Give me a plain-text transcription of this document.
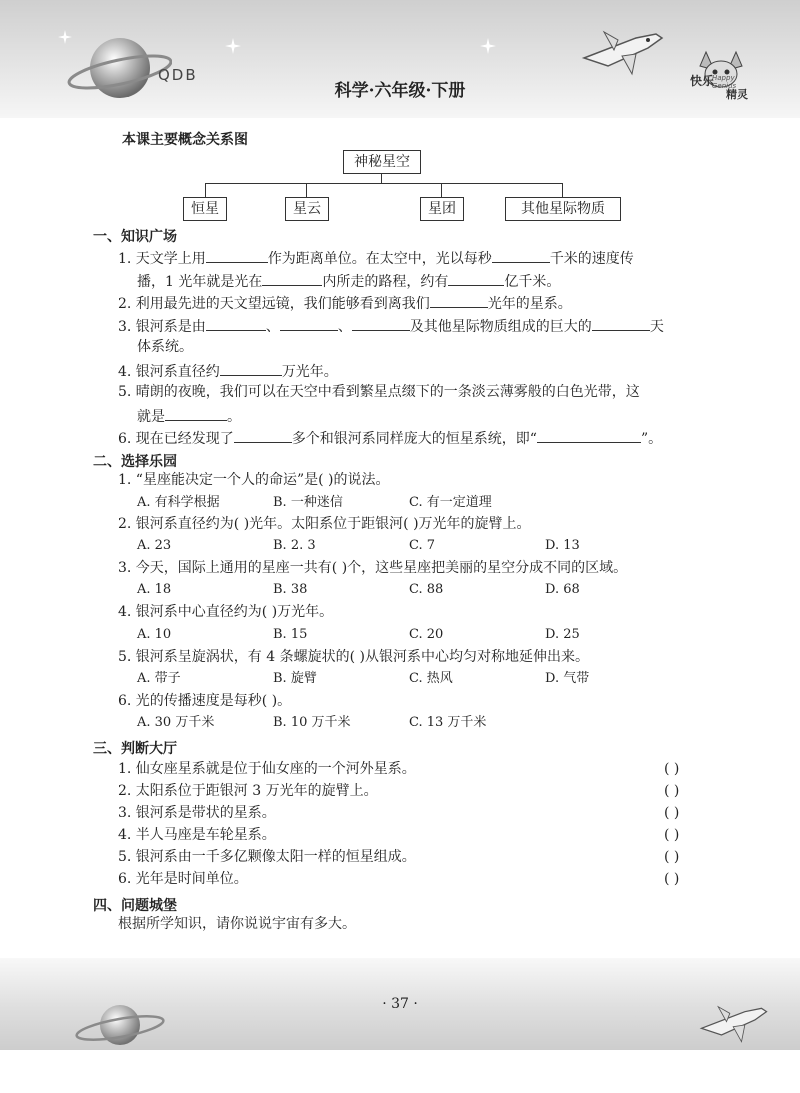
快乐
Happy Genius
精灵
QDB
科学·六年级·下册
本课主要概念关系图
神秘星空
恒星	星云	星团	其他星际物质
一、知识广场
1. 天文学上用	作为距离单位。在太空中，光以每秒	千米的速度传
播，1 光年就是光在	内所走的路程，约有	亿千米。
2. 利用最先进的天文望远镜，我们能够看到离我们	光年的星系。
3. 银河系是由	、	、	及其他星际物质组成的巨大的	天
体系统。
4. 银河系直径约	万光年。
5. 晴朗的夜晚，我们可以在天空中看到繁星点缀下的一条淡云薄雾般的白色光带，这
就是	。
6. 现在已经发现了	多个和银河系同样庞大的恒星系统，即“	”。
二、选择乐园
1. “星座能决定一个人的命运”是( )的说法。
A. 有科学根据	B. 一种迷信	C. 有一定道理
2. 银河系直径约为( )光年。太阳系位于距银河( )万光年的旋臂上。
A. 23	B. 2. 3	C. 7	D. 13
3. 今天，国际上通用的星座一共有( )个，这些星座把美丽的星空分成不同的区域。
A. 18	B. 38	C. 88	D. 68
4. 银河系中心直径约为( )万光年。
A. 10	B. 15	C. 20	D. 25
5. 银河系呈旋涡状，有 4 条螺旋状的( )从银河系中心均匀对称地延伸出来。
A. 带子	B. 旋臂	C. 热风	D. 气带
6. 光的传播速度是每秒( )。
A. 30 万千米	B. 10 万千米	C. 13 万千米
三、判断大厅
1. 仙女座星系就是位于仙女座的一个河外星系。	( )
2. 太阳系位于距银河 3 万光年的旋臂上。	( )
3. 银河系是带状的星系。	( )
4. 半人马座是车轮星系。	( )
5. 银河系由一千多亿颗像太阳一样的恒星组成。	( )
6. 光年是时间单位。	( )
四、问题城堡
根据所学知识，请你说说宇宙有多大。
· 37 ·
